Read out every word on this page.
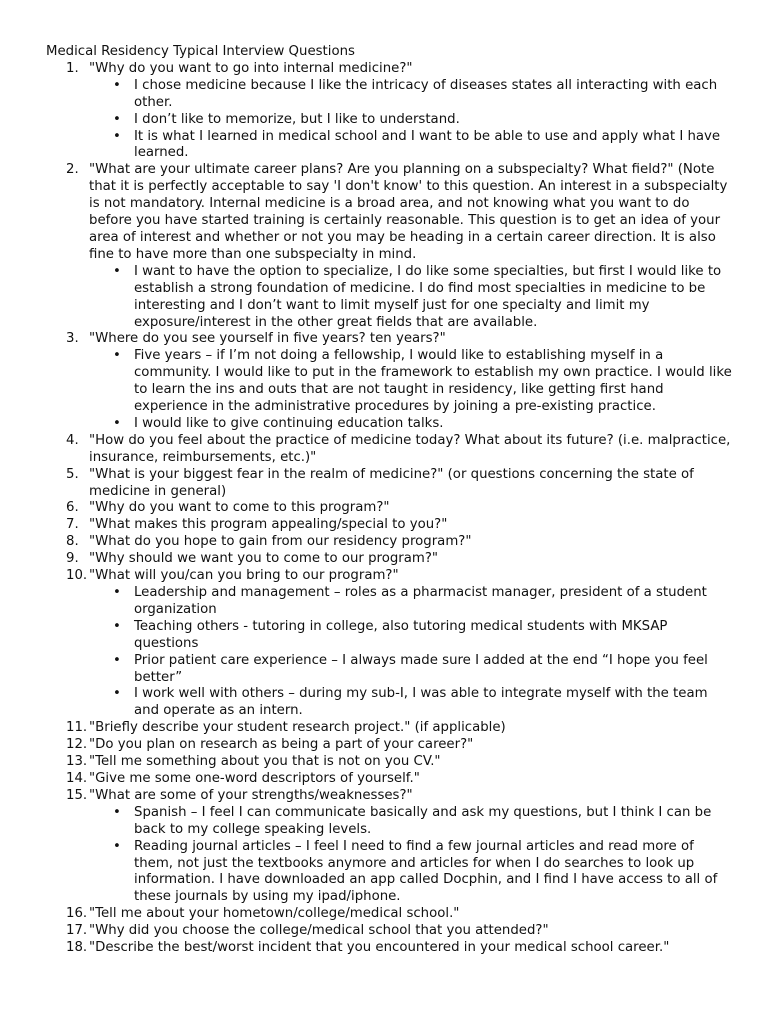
Medical Residency Typical Interview Questions
1. "Why do you want to go into internal medicine?"
• I chose medicine because I like the intricacy of diseases states all interacting with each other.
• I don’t like to memorize, but I like to understand.
• It is what I learned in medical school and I want to be able to use and apply what I have learned.
2. "What are your ultimate career plans? Are you planning on a subspecialty? What field?" (Note that it is perfectly acceptable to say 'I don't know' to this question. An interest in a subspecialty is not mandatory. Internal medicine is a broad area, and not knowing what you want to do before you have started training is certainly reasonable. This question is to get an idea of your area of interest and whether or not you may be heading in a certain career direction. It is also fine to have more than one subspecialty in mind.
• I want to have the option to specialize, I do like some specialties, but first I would like to establish a strong foundation of medicine. I do find most specialties in medicine to be interesting and I don’t want to limit myself just for one specialty and limit my exposure/interest in the other great fields that are available.
3. "Where do you see yourself in five years? ten years?"
• Five years – if I’m not doing a fellowship, I would like to establishing myself in a community. I would like to put in the framework to establish my own practice. I would like to learn the ins and outs that are not taught in residency, like getting first hand experience in the administrative procedures by joining a pre-existing practice.
• I would like to give continuing education talks.
4. "How do you feel about the practice of medicine today? What about its future? (i.e. malpractice, insurance, reimbursements, etc.)"
5. "What is your biggest fear in the realm of medicine?" (or questions concerning the state of medicine in general)
6. "Why do you want to come to this program?"
7. "What makes this program appealing/special to you?"
8. "What do you hope to gain from our residency program?"
9. "Why should we want you to come to our program?"
10. "What will you/can you bring to our program?"
• Leadership and management – roles as a pharmacist manager, president of a student organization
• Teaching others - tutoring in college, also tutoring medical students with MKSAP questions
• Prior patient care experience – I always made sure I added at the end “I hope you feel better”
• I work well with others – during my sub-I, I was able to integrate myself with the team and operate as an intern.
11. "Briefly describe your student research project." (if applicable)
12. "Do you plan on research as being a part of your career?"
13. "Tell me something about you that is not on you CV."
14. "Give me some one-word descriptors of yourself."
15. "What are some of your strengths/weaknesses?"
• Spanish – I feel I can communicate basically and ask my questions, but I think I can be back to my college speaking levels.
• Reading journal articles – I feel I need to find a few journal articles and read more of them, not just the textbooks anymore and articles for when I do searches to look up information. I have downloaded an app called Docphin, and I find I have access to all of these journals by using my ipad/iphone.
16. "Tell me about your hometown/college/medical school."
17. "Why did you choose the college/medical school that you attended?"
18. "Describe the best/worst incident that you encountered in your medical school career."
